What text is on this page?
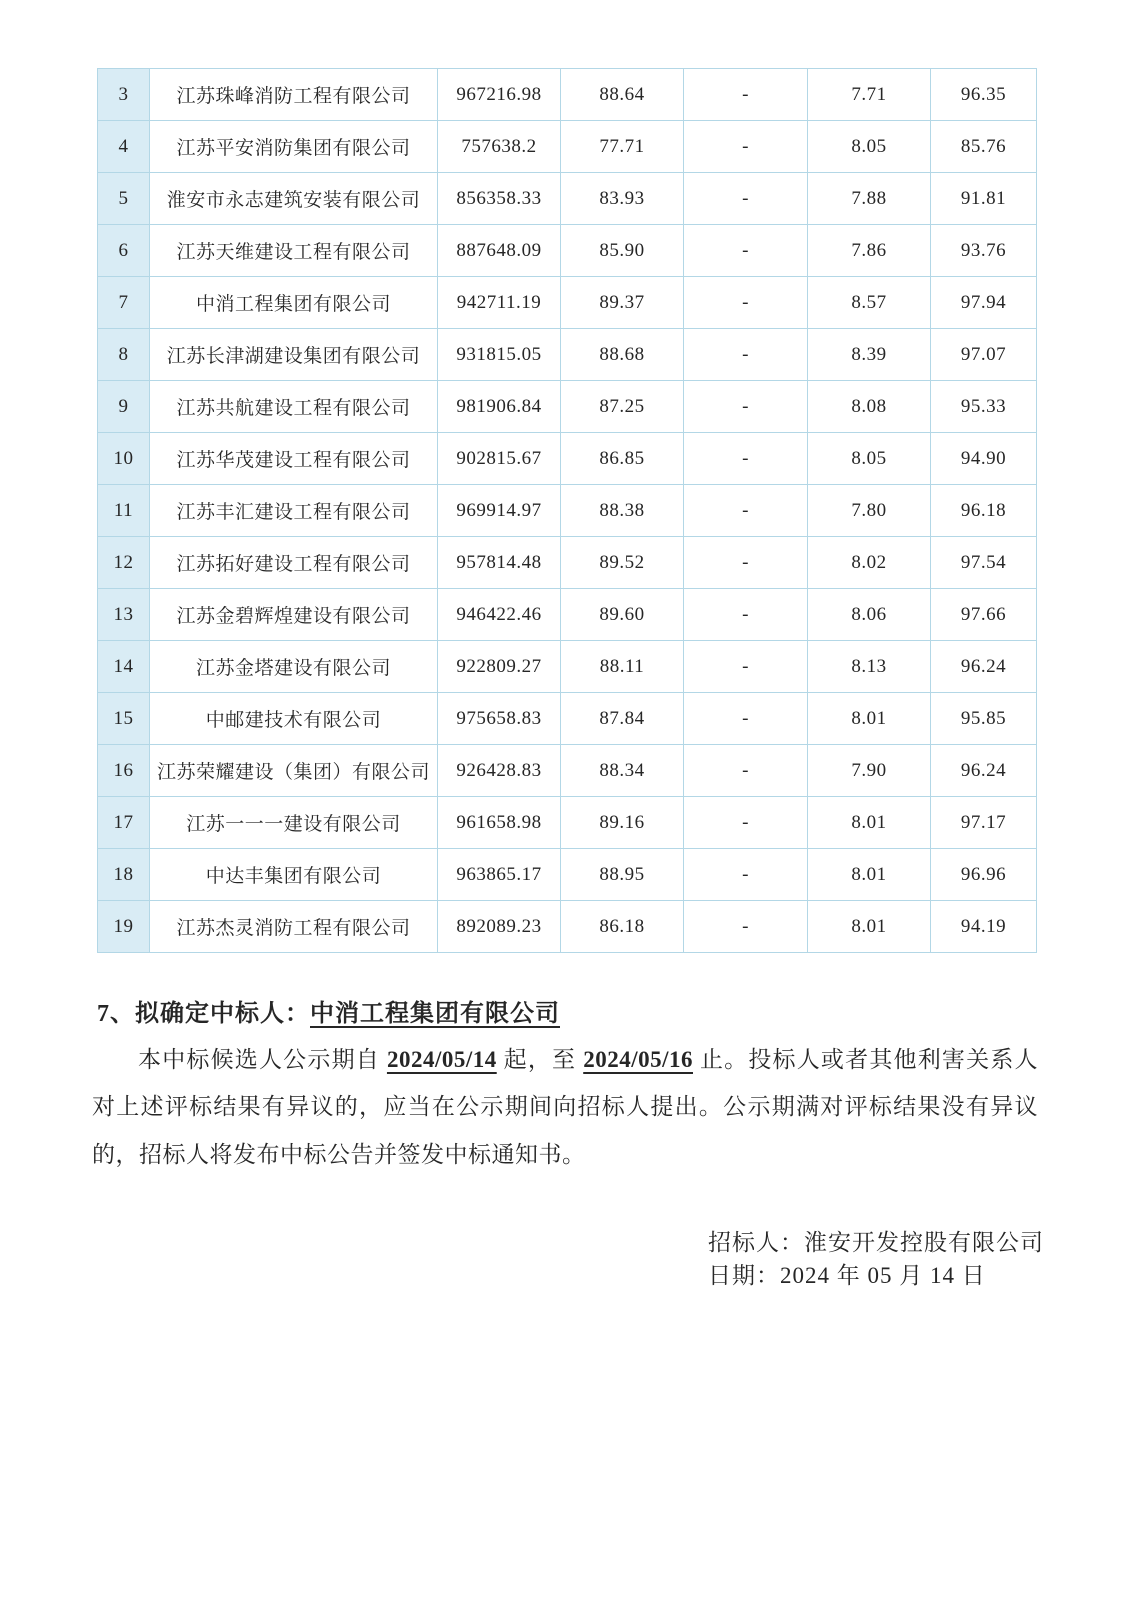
3	江苏珠峰消防工程有限公司	967216.98	88.64	-	7.71	96.35
4	江苏平安消防集团有限公司	757638.2	77.71	-	8.05	85.76
5	淮安市永志建筑安装有限公司	856358.33	83.93	-	7.88	91.81
6	江苏天维建设工程有限公司	887648.09	85.90	-	7.86	93.76
7	中消工程集团有限公司	942711.19	89.37	-	8.57	97.94
8	江苏长津湖建设集团有限公司	931815.05	88.68	-	8.39	97.07
9	江苏共航建设工程有限公司	981906.84	87.25	-	8.08	95.33
10	江苏华茂建设工程有限公司	902815.67	86.85	-	8.05	94.90
11	江苏丰汇建设工程有限公司	969914.97	88.38	-	7.80	96.18
12	江苏拓好建设工程有限公司	957814.48	89.52	-	8.02	97.54
13	江苏金碧辉煌建设有限公司	946422.46	89.60	-	8.06	97.66
14	江苏金塔建设有限公司	922809.27	88.11	-	8.13	96.24
15	中邮建技术有限公司	975658.83	87.84	-	8.01	95.85
16	江苏荣耀建设（集团）有限公司	926428.83	88.34	-	7.90	96.24
17	江苏一一一建设有限公司	961658.98	89.16	-	8.01	97.17
18	中达丰集团有限公司	963865.17	88.95	-	8.01	96.96
19	江苏杰灵消防工程有限公司	892089.23	86.18	-	8.01	94.19
7、拟确定中标人：中消工程集团有限公司
本中标候选人公示期自 2024/05/14 起，至 2024/05/16 止。投标人或者其他利害关系人对上述评标结果有异议的，应当在公示期间向招标人提出。公示期满对评标结果没有异议的，招标人将发布中标公告并签发中标通知书。
招标人：淮安开发控股有限公司
日期：2024 年 05 月 14 日
